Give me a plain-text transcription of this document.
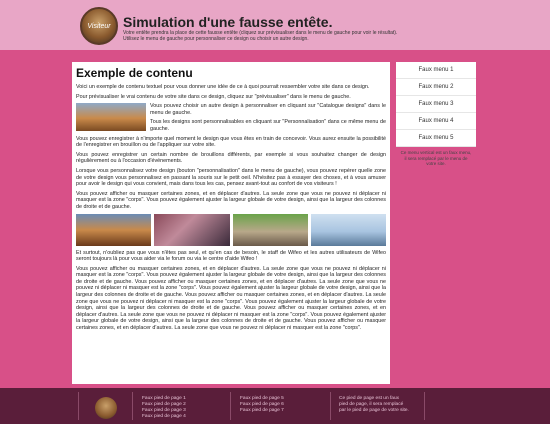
Visiteur Simulation d'une fausse entête.
Votre entête prendra la place de cette fausse entête (cliquez sur prévisualiser dans le menu de gauche pour voir le résultat).
Utilisez le menu de gauche pour personnaliser ce design ou choisir un autre design.
Exemple de contenu

Voici un exemple de contenu textuel pour vous donner une idée de ce à quoi pourrait ressembler votre site dans ce design.

Pour prévisualiser le vrai contenu de votre site dans ce design, cliquez sur "prévisualiser" dans le menu de gauche.

Vous pouvez choisir un autre design à personnaliser en cliquant sur "Catalogue designs" dans le menu de gauche.

Tous les designs sont personnalisables en cliquant sur "Personnalisation" dans ce même menu de gauche.

Vous pouvez enregistrer à n'importe quel moment le design que vous êtes en train de concevoir. Vous aurez ensuite la possibilité de l'enregistrer en brouillon ou de l'appliquer sur votre site.

Vous pouvez enregistrer un certain nombre de brouillons différents, par exemple si vous souhaitez changer de design régulièrement ou à l'occasion d'événements.

Lorsque vous personnalisez votre design (bouton "personnalisation" dans le menu de gauche), vous pouvez repérer quelle zone de votre design vous personnalisez en passant la souris sur le petit oeil. N'hésitez pas à essayer des choses, et à vous amuser pour avoir le design qui vous convient, mais dans tous les cas, pensez avant-tout au confort de vos visiteurs !

Vous pouvez afficher ou masquer certaines zones, et en déplacer d'autres. La seule zone que vous ne pouvez ni déplacer ni masquer est la zone "corps". Vous pouvez également ajuster la largeur globale de votre design, ainsi que la largeur des colonnes de droite et de gauche.

Et surtout, n'oubliez pas que vous n'êtes pas seul, et qu'en cas de besoin, le staff de Wifeo et les autres utilisateurs de Wifeo seront toujours là pour vous aider via le forum ou via le centre d'aide Wifeo !

Vous pouvez afficher ou masquer certaines zones, et en déplacer d'autres. La seule zone que vous ne pouvez ni déplacer ni masquer est la zone "corps". Vous pouvez également ajuster la largeur globale de votre design, ainsi que la largeur des colonnes de droite et de gauche. Vous pouvez afficher ou masquer certaines zones, et en déplacer d'autres. La seule zone que vous ne pouvez ni déplacer ni masquer est la zone "corps". Vous pouvez également ajuster la largeur globale de votre design, ainsi que la largeur des colonnes de droite et de gauche. Vous pouvez afficher ou masquer certaines zones, et en déplacer d'autres. La seule zone que vous ne pouvez ni déplacer ni masquer est la zone "corps". Vous pouvez également ajuster la largeur globale de votre design, ainsi que la largeur des colonnes de droite et de gauche. Vous pouvez afficher ou masquer certaines zones, et en déplacer d'autres. La seule zone que vous ne pouvez ni déplacer ni masquer est la zone "corps". Vous pouvez également ajuster la largeur globale de votre design, ainsi que la largeur des colonnes de droite et de gauche. Vous pouvez afficher ou masquer certaines zones, et en déplacer d'autres. La seule zone que vous ne pouvez ni déplacer ni masquer est la zone "corps".

Faux menu 1
Faux menu 2
Faux menu 3
Faux menu 4
Faux menu 5
Ce menu vertical est un faux menu, il sera remplacé par le menu de votre site.
Faux pied de page 1
Faux pied de page 2
Faux pied de page 3
Faux pied de page 4
Faux pied de page 5
Faux pied de page 6
Faux pied de page 7
Ce pied de page est un faux pied de page, il sera remplacé par le pied de page de votre site.
